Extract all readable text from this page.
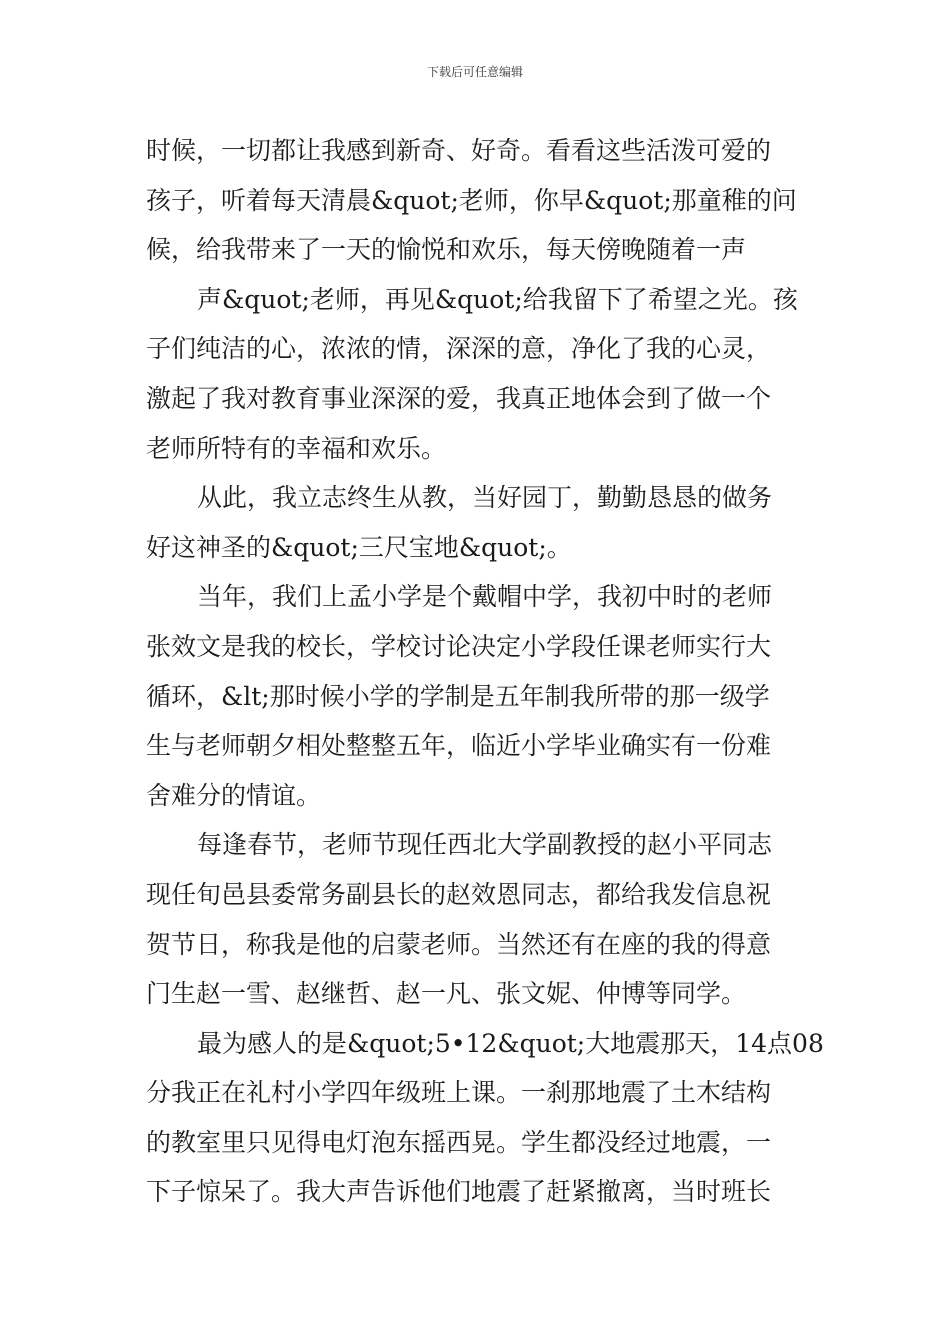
下载后可任意编辑
时候，一切都让我感到新奇、好奇。看看这些活泼可爱的
孩子，听着每天清晨&quot;老师，你早&quot;那童稚的问
候，给我带来了一天的愉悦和欢乐，每天傍晚随着一声
声&quot;老师，再见&quot;给我留下了希望之光。孩
子们纯洁的心，浓浓的情，深深的意，净化了我的心灵，
激起了我对教育事业深深的爱，我真正地体会到了做一个
老师所特有的幸福和欢乐。
从此，我立志终生从教，当好园丁，勤勤恳恳的做务
好这神圣的&quot;三尺宝地&quot;。
当年，我们上孟小学是个戴帽中学，我初中时的老师
张效文是我的校长，学校讨论决定小学段任课老师实行大
循环，&lt;那时候小学的学制是五年制我所带的那一级学
生与老师朝夕相处整整五年，临近小学毕业确实有一份难
舍难分的情谊。
每逢春节，老师节现任西北大学副教授的赵小平同志
现任旬邑县委常务副县长的赵效恩同志，都给我发信息祝
贺节日，称我是他的启蒙老师。当然还有在座的我的得意
门生赵一雪、赵继哲、赵一凡、张文妮、仲博等同学。
最为感人的是&quot;5•12&quot;大地震那天，14点08
分我正在礼村小学四年级班上课。一刹那地震了土木结构
的教室里只见得电灯泡东摇西晃。学生都没经过地震，一
下子惊呆了。我大声告诉他们地震了赶紧撤离，当时班长
